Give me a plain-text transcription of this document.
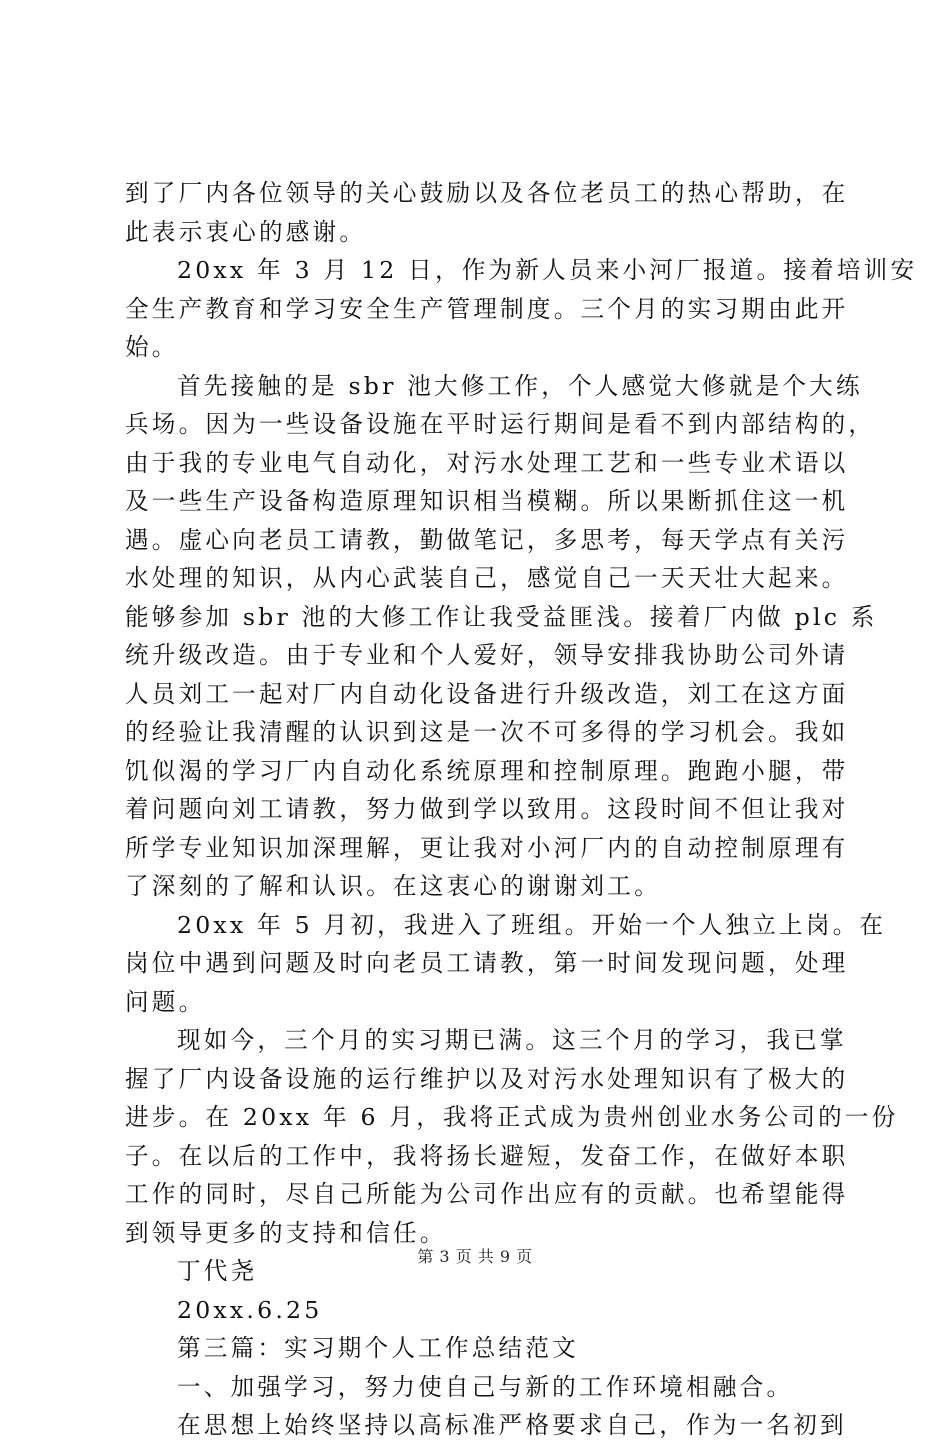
到了厂内各位领导的关心鼓励以及各位老员工的热心帮助，在
此表示衷心的感谢。
20xx 年 3 月 12 日，作为新人员来小河厂报道。接着培训安
全生产教育和学习安全生产管理制度。三个月的实习期由此开
始。
首先接触的是 sbr 池大修工作，个人感觉大修就是个大练
兵场。因为一些设备设施在平时运行期间是看不到内部结构的，
由于我的专业电气自动化，对污水处理工艺和一些专业术语以
及一些生产设备构造原理知识相当模糊。所以果断抓住这一机
遇。虚心向老员工请教，勤做笔记，多思考，每天学点有关污
水处理的知识，从内心武装自己，感觉自己一天天壮大起来。
能够参加 sbr 池的大修工作让我受益匪浅。接着厂内做 plc 系
统升级改造。由于专业和个人爱好，领导安排我协助公司外请
人员刘工一起对厂内自动化设备进行升级改造，刘工在这方面
的经验让我清醒的认识到这是一次不可多得的学习机会。我如
饥似渴的学习厂内自动化系统原理和控制原理。跑跑小腿，带
着问题向刘工请教，努力做到学以致用。这段时间不但让我对
所学专业知识加深理解，更让我对小河厂内的自动控制原理有
了深刻的了解和认识。在这衷心的谢谢刘工。
20xx 年 5 月初，我进入了班组。开始一个人独立上岗。在
岗位中遇到问题及时向老员工请教，第一时间发现问题，处理
问题。
现如今，三个月的实习期已满。这三个月的学习，我已掌
握了厂内设备设施的运行维护以及对污水处理知识有了极大的
进步。在 20xx 年 6 月，我将正式成为贵州创业水务公司的一份
子。在以后的工作中，我将扬长避短，发奋工作，在做好本职
工作的同时，尽自己所能为公司作出应有的贡献。也希望能得
到领导更多的支持和信任。
丁代尧
20xx.6.25
第三篇：实习期个人工作总结范文
一、加强学习，努力使自己与新的工作环境相融合。
在思想上始终坚持以高标准严格要求自己，作为一名初到
第 3 页 共 9 页
